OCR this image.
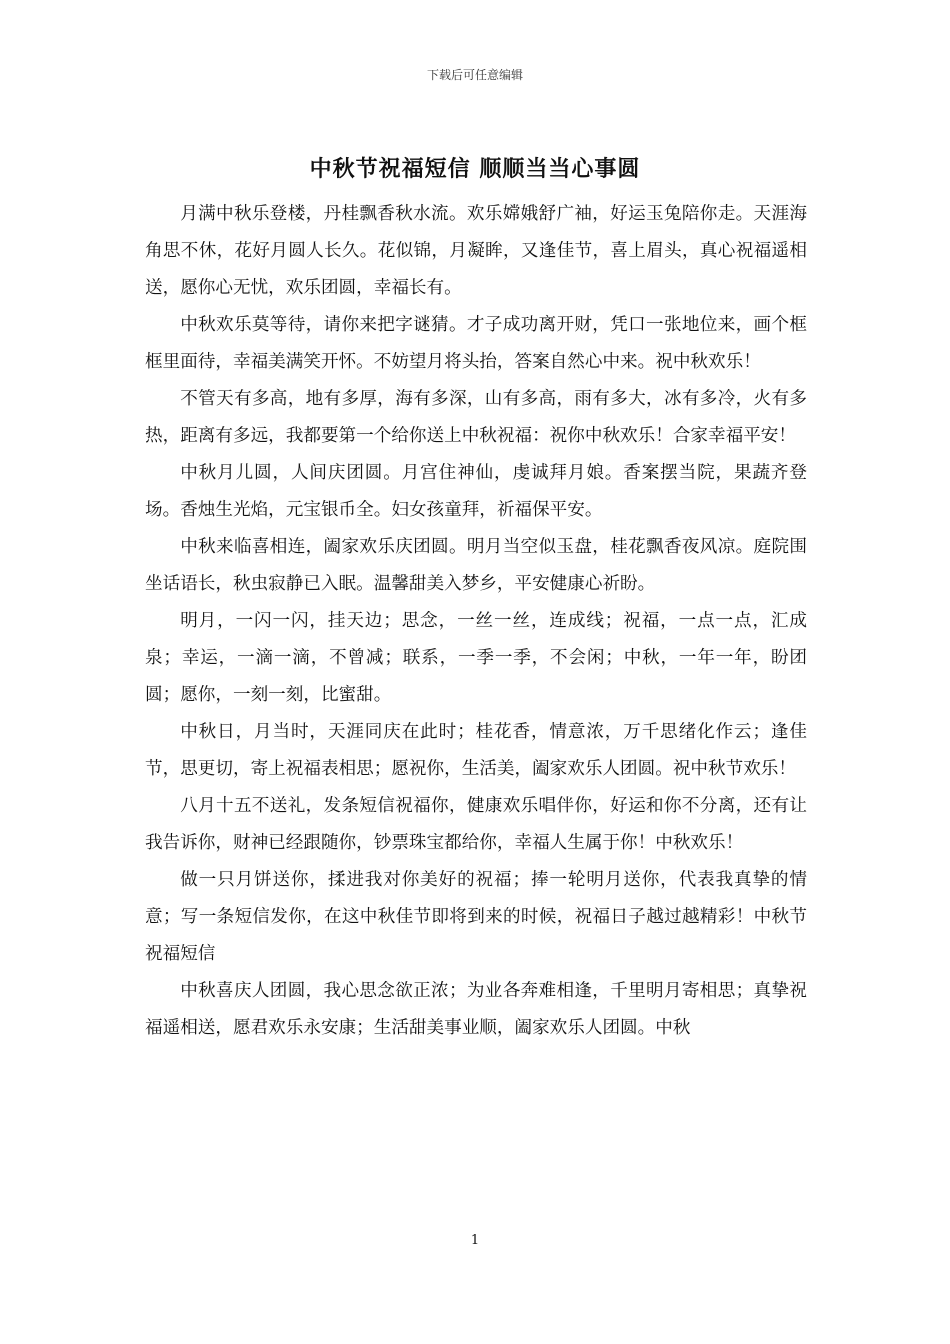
下载后可任意编辑
中秋节祝福短信 顺顺当当心事圆

月满中秋乐登楼，丹桂飘香秋水流。欢乐嫦娥舒广袖，好运玉兔陪你走。天涯海角思不休，花好月圆人长久。花似锦，月凝眸，又逢佳节，喜上眉头，真心祝福遥相送，愿你心无忧，欢乐团圆，幸福长有。

中秋欢乐莫等待，请你来把字谜猜。才子成功离开财，凭口一张地位来，画个框框里面待，幸福美满笑开怀。不妨望月将头抬，答案自然心中来。祝中秋欢乐！

不管天有多高，地有多厚，海有多深，山有多高，雨有多大，冰有多冷，火有多热，距离有多远，我都要第一个给你送上中秋祝福：祝你中秋欢乐！合家幸福平安！

中秋月儿圆，人间庆团圆。月宫住神仙，虔诚拜月娘。香案摆当院，果蔬齐登场。香烛生光焰，元宝银币全。妇女孩童拜，祈福保平安。

中秋来临喜相连，阖家欢乐庆团圆。明月当空似玉盘，桂花飘香夜风凉。庭院围坐话语长，秋虫寂静已入眠。温馨甜美入梦乡，平安健康心祈盼。

明月，一闪一闪，挂天边；思念，一丝一丝，连成线；祝福，一点一点，汇成泉；幸运，一滴一滴，不曾减；联系，一季一季，不会闲；中秋，一年一年，盼团圆；愿你，一刻一刻，比蜜甜。

中秋日，月当时，天涯同庆在此时；桂花香，情意浓，万千思绪化作云；逢佳节，思更切，寄上祝福表相思；愿祝你，生活美，阖家欢乐人团圆。祝中秋节欢乐！

八月十五不送礼，发条短信祝福你，健康欢乐唱伴你，好运和你不分离，还有让我告诉你，财神已经跟随你，钞票珠宝都给你，幸福人生属于你！中秋欢乐！

做一只月饼送你，揉进我对你美好的祝福；捧一轮明月送你，代表我真挚的情意；写一条短信发你，在这中秋佳节即将到来的时候，祝福日子越过越精彩！中秋节祝福短信

中秋喜庆人团圆，我心思念欲正浓；为业各奔难相逢，千里明月寄相思；真挚祝福遥相送，愿君欢乐永安康；生活甜美事业顺，阖家欢乐人团圆。中秋

1
